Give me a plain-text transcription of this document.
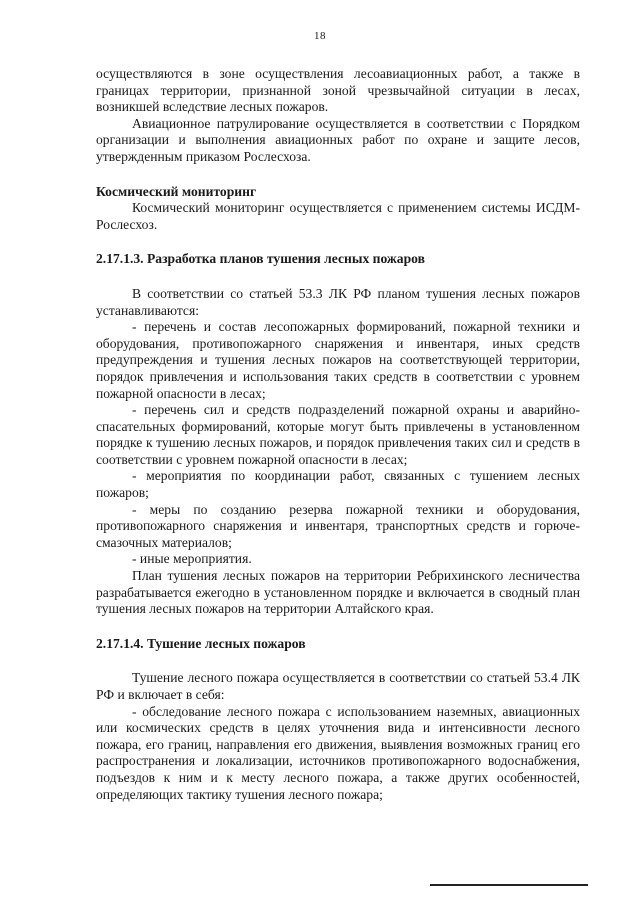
18

осуществляются в зоне осуществления лесоавиационных работ, а также в границах территории, признанной зоной чрезвычайной ситуации в лесах, возникшей вследствие лесных пожаров.

Авиационное патрулирование осуществляется в соответствии с Порядком организации и выполнения авиационных работ по охране и защите лесов, утвержденным приказом Рослесхоза.

Космический мониторинг

Космический мониторинг осуществляется с применением системы ИСДМ-Рослесхоз.

2.17.1.3. Разработка планов тушения лесных пожаров

В соответствии со статьей 53.3 ЛК РФ планом тушения лесных пожаров устанавливаются:

- перечень и состав лесопожарных формирований, пожарной техники и оборудования, противопожарного снаряжения и инвентаря, иных средств предупреждения и тушения лесных пожаров на соответствующей территории, порядок привлечения и использования таких средств в соответствии с уровнем пожарной опасности в лесах;

- перечень сил и средств подразделений пожарной охраны и аварийно-спасательных формирований, которые могут быть привлечены в установленном порядке к тушению лесных пожаров, и порядок привлечения таких сил и средств в соответствии с уровнем пожарной опасности в лесах;

- мероприятия по координации работ, связанных с тушением лесных пожаров;

- меры по созданию резерва пожарной техники и оборудования, противопожарного снаряжения и инвентаря, транспортных средств и горюче-смазочных материалов;

- иные мероприятия.

План тушения лесных пожаров на территории Ребрихинского лесничества разрабатывается ежегодно в установленном порядке и включается в сводный план тушения лесных пожаров на территории Алтайского края.

2.17.1.4. Тушение лесных пожаров

Тушение лесного пожара осуществляется в соответствии со статьей 53.4 ЛК РФ и включает в себя:

- обследование лесного пожара с использованием наземных, авиационных или космических средств в целях уточнения вида и интенсивности лесного пожара, его границ, направления его движения, выявления возможных границ его распространения и локализации, источников противопожарного водоснабжения, подъездов к ним и к месту лесного пожара, а также других особенностей, определяющих тактику тушения лесного пожара;
